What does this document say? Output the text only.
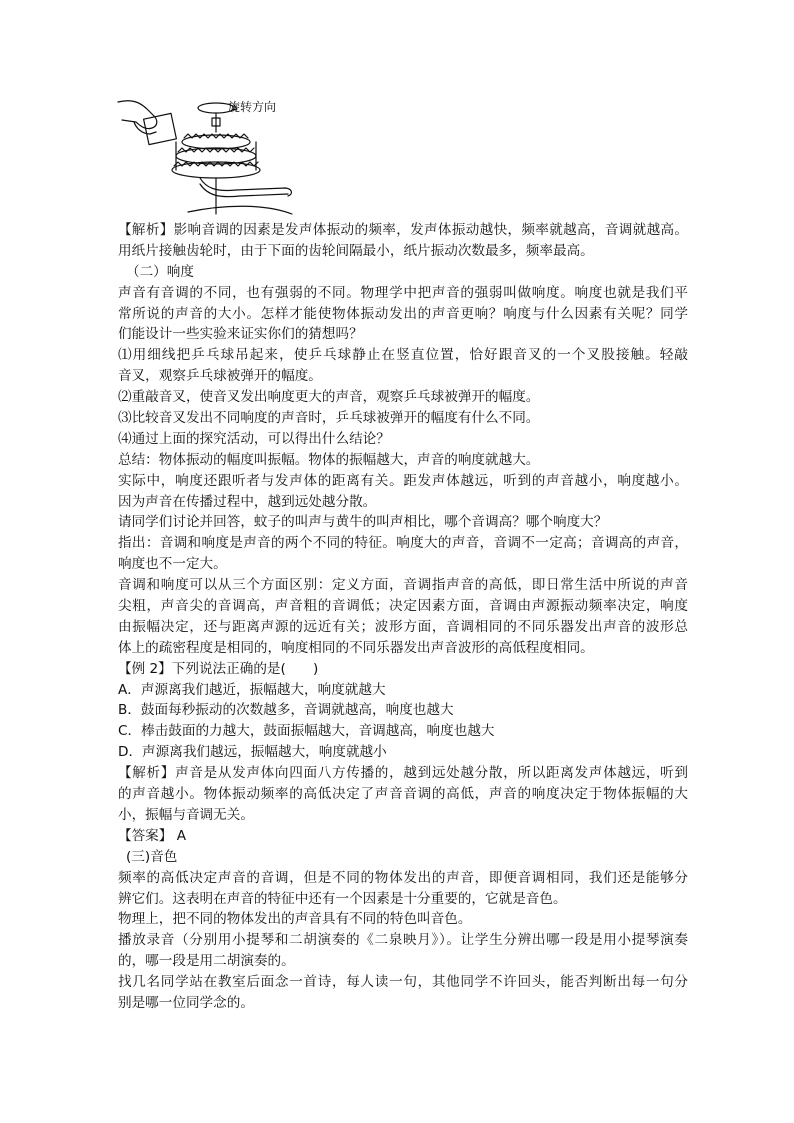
旋转方向
【解析】影响音调的因素是发声体振动的频率，发声体振动越快，频率就越高，音调就越高。
用纸片接触齿轮时，由于下面的齿轮间隔最小，纸片振动次数最多，频率最高。
（二）响度
声音有音调的不同，也有强弱的不同。物理学中把声音的强弱叫做响度。响度也就是我们平
常所说的声音的大小。怎样才能使物体振动发出的声音更响？响度与什么因素有关呢？同学
们能设计一些实验来证实你们的猜想吗？
⑴用细线把乒乓球吊起来，使乒乓球静止在竖直位置，恰好跟音叉的一个叉股接触。轻敲
音叉，观察乒乓球被弹开的幅度。
⑵重敲音叉，使音叉发出响度更大的声音，观察乒乓球被弹开的幅度。
⑶比较音叉发出不同响度的声音时，乒乓球被弹开的幅度有什么不同。
⑷通过上面的探究活动，可以得出什么结论？
总结：物体振动的幅度叫振幅。物体的振幅越大，声音的响度就越大。
实际中，响度还跟听者与发声体的距离有关。距发声体越远，听到的声音越小，响度越小。
因为声音在传播过程中，越到远处越分散。
请同学们讨论并回答，蚊子的叫声与黄牛的叫声相比，哪个音调高？哪个响度大？
指出：音调和响度是声音的两个不同的特征。响度大的声音，音调不一定高；音调高的声音，
响度也不一定大。
音调和响度可以从三个方面区别：定义方面，音调指声音的高低，即日常生活中所说的声音
尖粗，声音尖的音调高，声音粗的音调低；决定因素方面，音调由声源振动频率决定，响度
由振幅决定，还与距离声源的远近有关；波形方面，音调相同的不同乐器发出声音的波形总
体上的疏密程度是相同的，响度相同的不同乐器发出声音波形的高低程度相同。
【例 2】下列说法正确的是(　　)
A．声源离我们越近，振幅越大，响度就越大
B．鼓面每秒振动的次数越多，音调就越高，响度也越大
C．棒击鼓面的力越大，鼓面振幅越大，音调越高，响度也越大
D．声源离我们越远，振幅越大，响度就越小
【解析】声音是从发声体向四面八方传播的，越到远处越分散，所以距离发声体越远，听到
的声音越小。物体振动频率的高低决定了声音音调的高低，声音的响度决定于物体振幅的大
小，振幅与音调无关。
【答案】 A
(三)音色
频率的高低决定声音的音调，但是不同的物体发出的声音，即便音调相同，我们还是能够分
辨它们。这表明在声音的特征中还有一个因素是十分重要的，它就是音色。
物理上，把不同的物体发出的声音具有不同的特色叫音色。
播放录音（分别用小提琴和二胡演奏的《二泉映月》）。让学生分辨出哪一段是用小提琴演奏
的，哪一段是用二胡演奏的。
找几名同学站在教室后面念一首诗，每人读一句，其他同学不许回头，能否判断出每一句分
别是哪一位同学念的。
